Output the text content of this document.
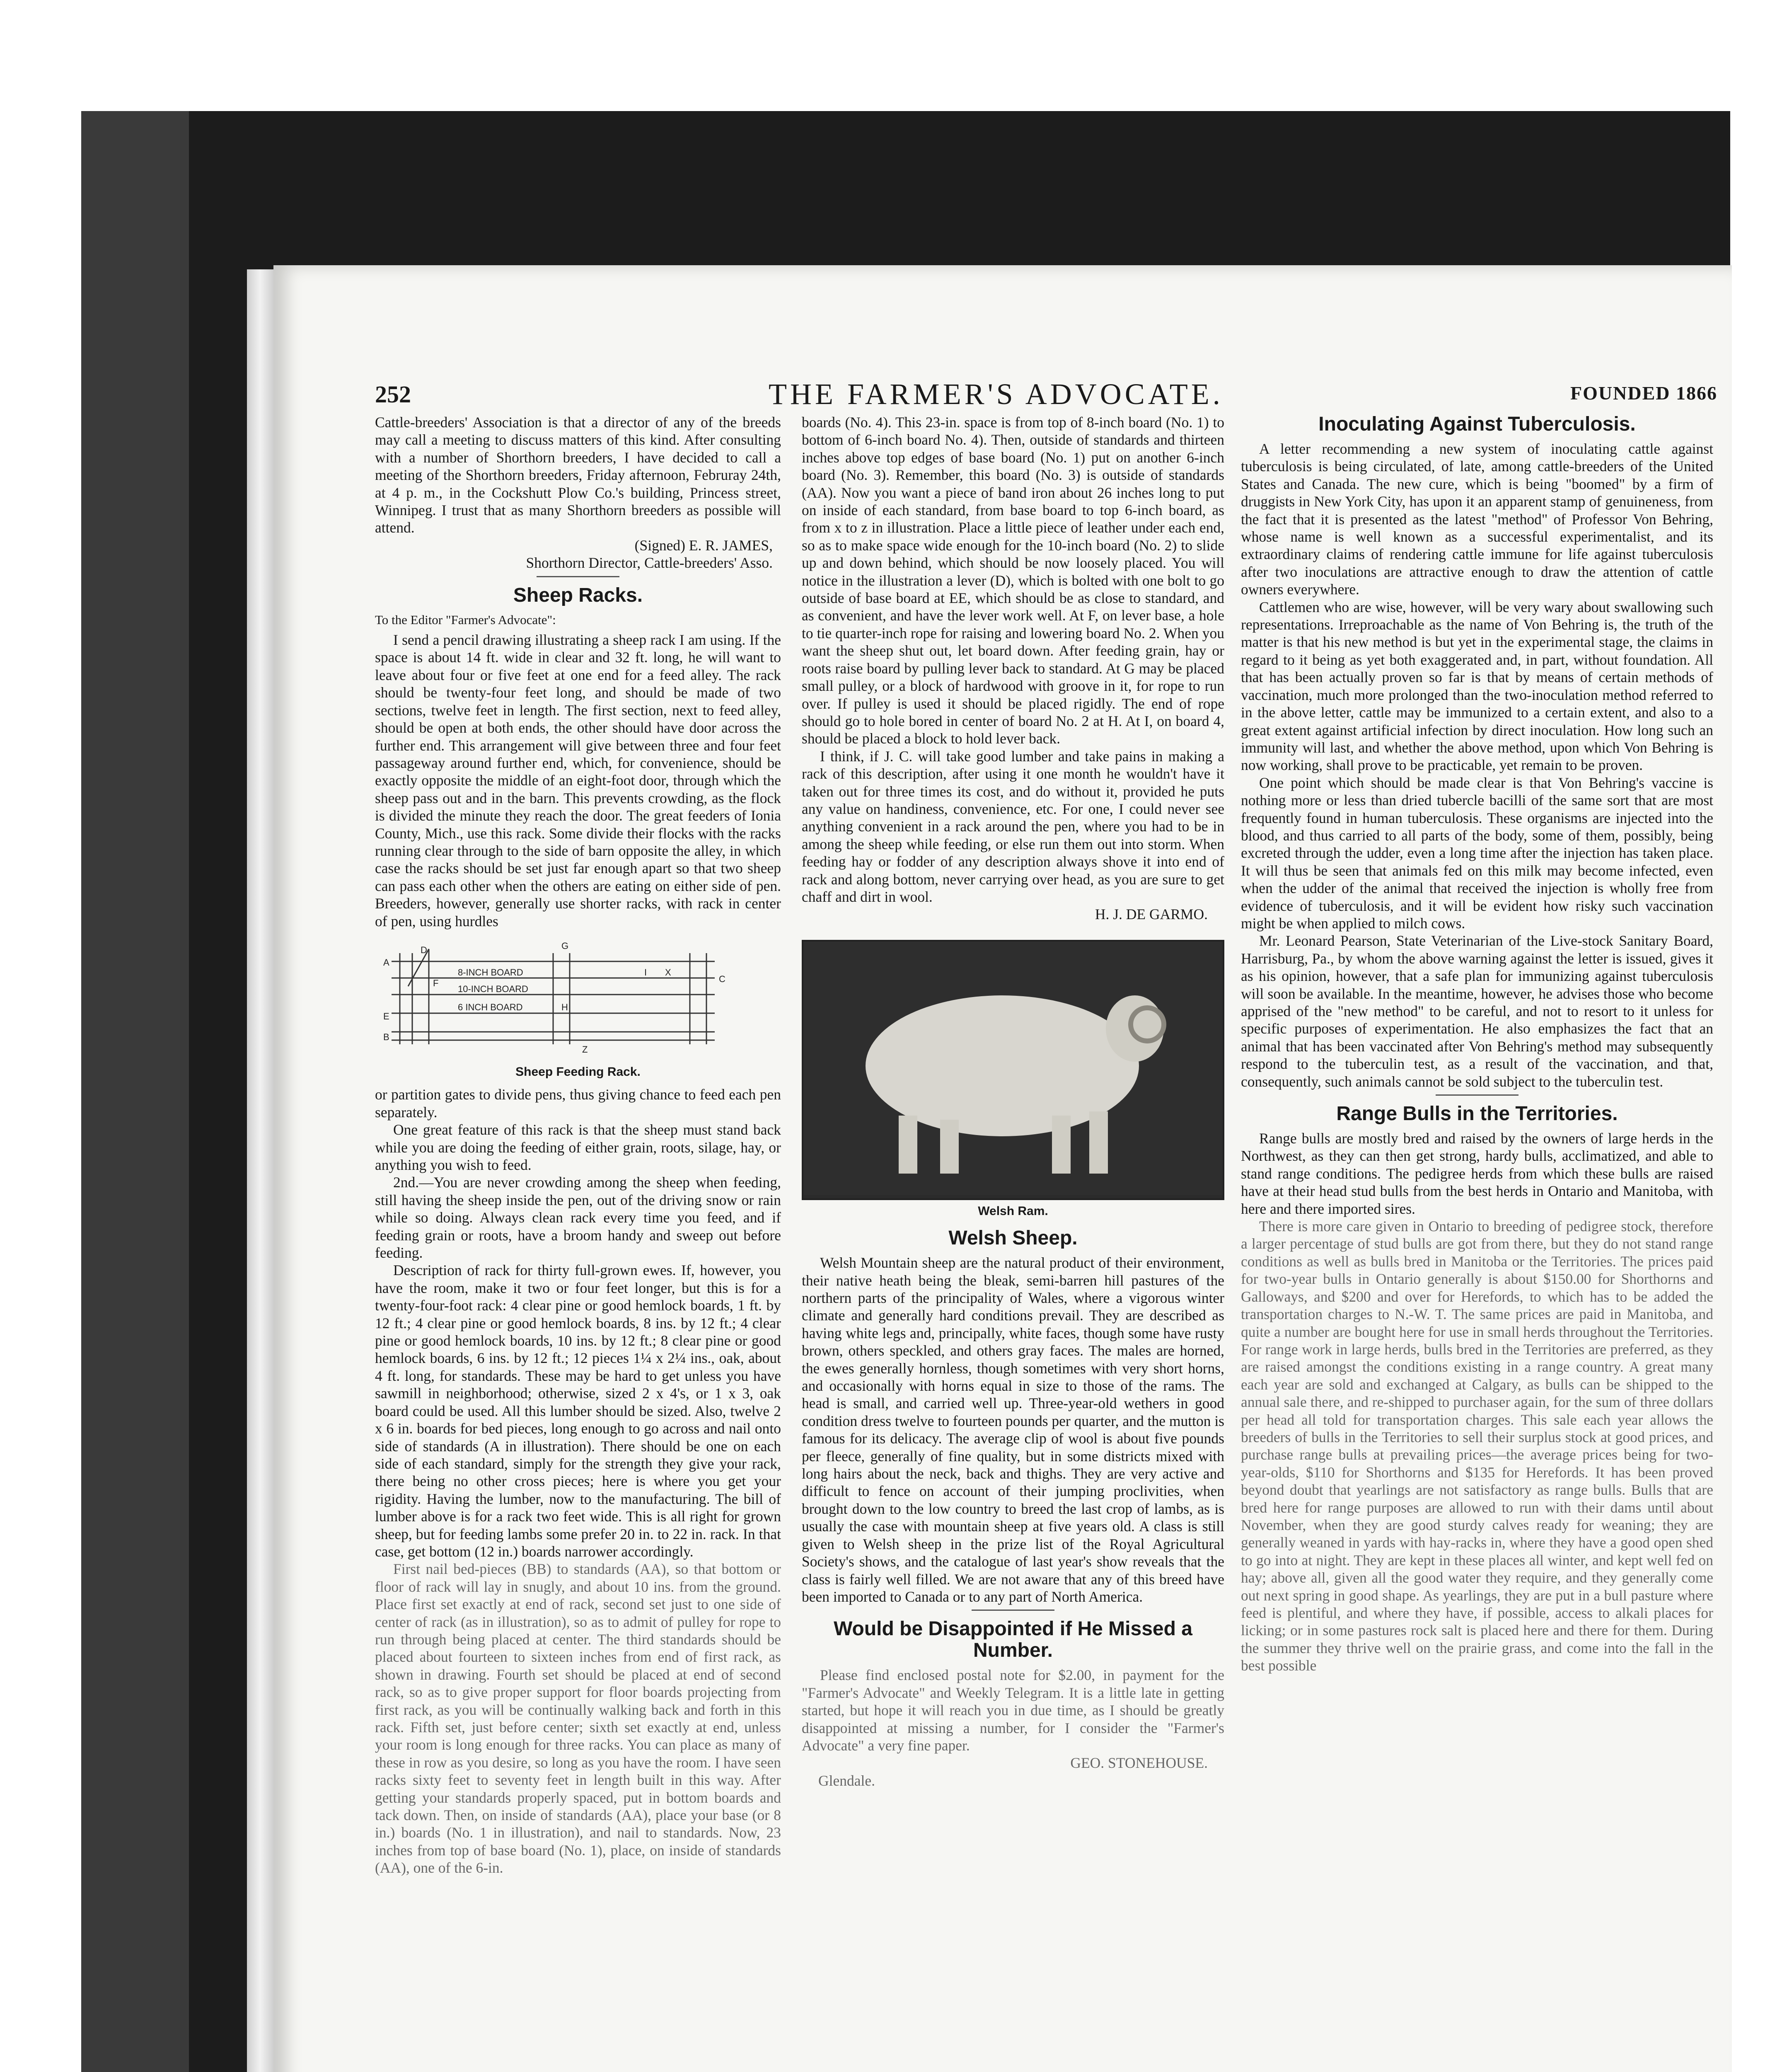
252	THE FARMER'S ADVOCATE.	FOUNDED 1866

Cattle-breeders' Association is that a director of any of the breeds may call a meeting to discuss matters of this kind. After consulting with a number of Shorthorn breeders, I have decided to call a meeting of the Shorthorn breeders, Friday afternoon, Februray 24th, at 4 p. m., in the Cockshutt Plow Co.'s building, Princess street, Winnipeg. I trust that as many Shorthorn breeders as possible will attend.

(Signed) E. R. JAMES,
Shorthorn Director, Cattle-breeders' Asso.
Sheep Racks.
To the Editor "Farmer's Advocate":

I send a pencil drawing illustrating a sheep rack I am using. If the space is about 14 ft. wide in clear and 32 ft. long, he will want to leave about four or five feet at one end for a feed alley. The rack should be twenty-four feet long, and should be made of two sections, twelve feet in length. The first section, next to feed alley, should be open at both ends, the other should have door across the further end. This arrangement will give between three and four feet passageway around further end, which, for convenience, should be exactly opposite the middle of an eight-foot door, through which the sheep pass out and in the barn. This prevents crowding, as the flock is divided the minute they reach the door. The great feeders of Ionia County, Mich., use this rack. Some divide their flocks with the racks running clear through to the side of barn opposite the alley, in which case the racks should be set just far enough apart so that two sheep can pass each other when the others are eating on either side of pen. Breeders, however, generally use shorter racks, with rack in center of pen, using hurdles

8-INCH BOARD
10-INCH BOARD
6 INCH BOARD
A
B
C
D
E
F
G
H
I X
Z
Sheep Feeding Rack.

or partition gates to divide pens, thus giving chance to feed each pen separately.

One great feature of this rack is that the sheep must stand back while you are doing the feeding of either grain, roots, silage, hay, or anything you wish to feed.

2nd.—You are never crowding among the sheep when feeding, still having the sheep inside the pen, out of the driving snow or rain while so doing. Always clean rack every time you feed, and if feeding grain or roots, have a broom handy and sweep out before feeding.

Description of rack for thirty full-grown ewes. If, however, you have the room, make it two or four feet longer, but this is for a twenty-four-foot rack: 4 clear pine or good hemlock boards, 1 ft. by 12 ft.; 4 clear pine or good hemlock boards, 8 ins. by 12 ft.; 4 clear pine or good hemlock boards, 10 ins. by 12 ft.; 8 clear pine or good hemlock boards, 6 ins. by 12 ft.; 12 pieces 1¼ x 2¼ ins., oak, about 4 ft. long, for standards. These may be hard to get unless you have sawmill in neighborhood; otherwise, sized 2 x 4's, or 1 x 3, oak board could be used. All this lumber should be sized. Also, twelve 2 x 6 in. boards for bed pieces, long enough to go across and nail onto side of standards (A in illustration). There should be one on each side of each standard, simply for the strength they give your rack, there being no other cross pieces; here is where you get your rigidity. Having the lumber, now to the manufacturing. The bill of lumber above is for a rack two feet wide. This is all right for grown sheep, but for feeding lambs some prefer 20 in. to 22 in. rack. In that case, get bottom (12 in.) boards narrower accordingly.

First nail bed-pieces (BB) to standards (AA), so that bottom or floor of rack will lay in snugly, and about 10 ins. from the ground. Place first set exactly at end of rack, second set just to one side of center of rack (as in illustration), so as to admit of pulley for rope to run through being placed at center. The third standards should be placed about fourteen to sixteen inches from end of first rack, as shown in drawing. Fourth set should be placed at end of second rack, so as to give proper support for floor boards projecting from first rack, as you will be continually walking back and forth in this rack. Fifth set, just before center; sixth set exactly at end, unless your room is long enough for three racks. You can place as many of these in row as you desire, so long as you have the room. I have seen racks sixty feet to seventy feet in length built in this way. After getting your standards properly spaced, put in bottom boards and tack down. Then, on inside of standards (AA), place your base (or 8 in.) boards (No. 1 in illustration), and nail to standards. Now, 23 inches from top of base board (No. 1), place, on inside of standards (AA), one of the 6-in.

boards (No. 4). This 23-in. space is from top of 8-inch board (No. 1) to bottom of 6-inch board No. 4). Then, outside of standards and thirteen inches above top edges of base board (No. 1) put on another 6-inch board (No. 3). Remember, this board (No. 3) is outside of standards (AA). Now you want a piece of band iron about 26 inches long to put on inside of each standard, from base board to top 6-inch board, as from x to z in illustration. Place a little piece of leather under each end, so as to make space wide enough for the 10-inch board (No. 2) to slide up and down behind, which should be now loosely placed. You will notice in the illustration a lever (D), which is bolted with one bolt to go outside of base board at EE, which should be as close to standard, and as convenient, and have the lever work well. At F, on lever base, a hole to tie quarter-inch rope for raising and lowering board No. 2. When you want the sheep shut out, let board down. After feeding grain, hay or roots raise board by pulling lever back to standard. At G may be placed small pulley, or a block of hardwood with groove in it, for rope to run over. If pulley is used it should be placed rigidly. The end of rope should go to hole bored in center of board No. 2 at H. At I, on board 4, should be placed a block to hold lever back.

I think, if J. C. will take good lumber and take pains in making a rack of this description, after using it one month he wouldn't have it taken out for three times its cost, and do without it, provided he puts any value on handiness, convenience, etc. For one, I could never see anything convenient in a rack around the pen, where you had to be in among the sheep while feeding, or else run them out into storm. When feeding hay or fodder of any description always shove it into end of rack and along bottom, never carrying over head, as you are sure to get chaff and dirt in wool.

H. J. DE GARMO.
Welsh Ram.
Welsh Sheep.

Welsh Mountain sheep are the natural product of their environment, their native heath being the bleak, semi-barren hill pastures of the northern parts of the principality of Wales, where a vigorous winter climate and generally hard conditions prevail. They are described as having white legs and, principally, white faces, though some have rusty brown, others speckled, and others gray faces. The males are horned, the ewes generally hornless, though sometimes with very short horns, and occasionally with horns equal in size to those of the rams. The head is small, and carried well up. Three-year-old wethers in good condition dress twelve to fourteen pounds per quarter, and the mutton is famous for its delicacy. The average clip of wool is about five pounds per fleece, generally of fine quality, but in some districts mixed with long hairs about the neck, back and thighs. They are very active and difficult to fence on account of their jumping proclivities, when brought down to the low country to breed the last crop of lambs, as is usually the case with mountain sheep at five years old. A class is still given to Welsh sheep in the prize list of the Royal Agricultural Society's shows, and the catalogue of last year's show reveals that the class is fairly well filled. We are not aware that any of this breed have been imported to Canada or to any part of North America.

Would be Disappointed if He Missed a Number.

Please find enclosed postal note for $2.00, in payment for the "Farmer's Advocate" and Weekly Telegram. It is a little late in getting started, but hope it will reach you in due time, as I should be greatly disappointed at missing a number, for I consider the "Farmer's Advocate" a very fine paper.

GEO. STONEHOUSE.
Glendale.
Inoculating Against Tuberculosis.

A letter recommending a new system of inoculating cattle against tuberculosis is being circulated, of late, among cattle-breeders of the United States and Canada. The new cure, which is being "boomed" by a firm of druggists in New York City, has upon it an apparent stamp of genuineness, from the fact that it is presented as the latest "method" of Professor Von Behring, whose name is well known as a successful experimentalist, and its extraordinary claims of rendering cattle immune for life against tuberculosis after two inoculations are attractive enough to draw the attention of cattle owners everywhere.

Cattlemen who are wise, however, will be very wary about swallowing such representations. Irreproachable as the name of Von Behring is, the truth of the matter is that his new method is but yet in the experimental stage, the claims in regard to it being as yet both exaggerated and, in part, without foundation. All that has been actually proven so far is that by means of certain methods of vaccination, much more prolonged than the two-inoculation method referred to in the above letter, cattle may be immunized to a certain extent, and also to a great extent against artificial infection by direct inoculation. How long such an immunity will last, and whether the above method, upon which Von Behring is now working, shall prove to be practicable, yet remain to be proven.

One point which should be made clear is that Von Behring's vaccine is nothing more or less than dried tubercle bacilli of the same sort that are most frequently found in human tuberculosis. These organisms are injected into the blood, and thus carried to all parts of the body, some of them, possibly, being excreted through the udder, even a long time after the injection has taken place. It will thus be seen that animals fed on this milk may become infected, even when the udder of the animal that received the injection is wholly free from evidence of tuberculosis, and it will be evident how risky such vaccination might be when applied to milch cows.

Mr. Leonard Pearson, State Veterinarian of the Live-stock Sanitary Board, Harrisburg, Pa., by whom the above warning against the letter is issued, gives it as his opinion, however, that a safe plan for immunizing against tuberculosis will soon be available. In the meantime, however, he advises those who become apprised of the "new method" to be careful, and not to resort to it unless for specific purposes of experimentation. He also emphasizes the fact that an animal that has been vaccinated after Von Behring's method may subsequently respond to the tuberculin test, as a result of the vaccination, and that, consequently, such animals cannot be sold subject to the tuberculin test.

Range Bulls in the Territories.

Range bulls are mostly bred and raised by the owners of large herds in the Northwest, as they can then get strong, hardy bulls, acclimatized, and able to stand range conditions. The pedigree herds from which these bulls are raised have at their head stud bulls from the best herds in Ontario and Manitoba, with here and there imported sires.

There is more care given in Ontario to breeding of pedigree stock, therefore a larger percentage of stud bulls are got from there, but they do not stand range conditions as well as bulls bred in Manitoba or the Territories. The prices paid for two-year bulls in Ontario generally is about $150.00 for Shorthorns and Galloways, and $200 and over for Herefords, to which has to be added the transportation charges to N.-W. T. The same prices are paid in Manitoba, and quite a number are bought here for use in small herds throughout the Territories. For range work in large herds, bulls bred in the Territories are preferred, as they are raised amongst the conditions existing in a range country. A great many each year are sold and exchanged at Calgary, as bulls can be shipped to the annual sale there, and re-shipped to purchaser again, for the sum of three dollars per head all told for transportation charges. This sale each year allows the breeders of bulls in the Territories to sell their surplus stock at good prices, and purchase range bulls at prevailing prices—the average prices being for two-year-olds, $110 for Shorthorns and $135 for Herefords. It has been proved beyond doubt that yearlings are not satisfactory as range bulls. Bulls that are bred here for range purposes are allowed to run with their dams until about November, when they are good sturdy calves ready for weaning; they are generally weaned in yards with hay-racks in, where they have a good open shed to go into at night. They are kept in these places all winter, and kept well fed on hay; above all, given all the good water they require, and they generally come out next spring in good shape. As yearlings, they are put in a bull pasture where feed is plentiful, and where they have, if possible, access to alkali places for licking; or in some pastures rock salt is placed here and there for them. During the summer they thrive well on the prairie grass, and come into the fall in the best possible
